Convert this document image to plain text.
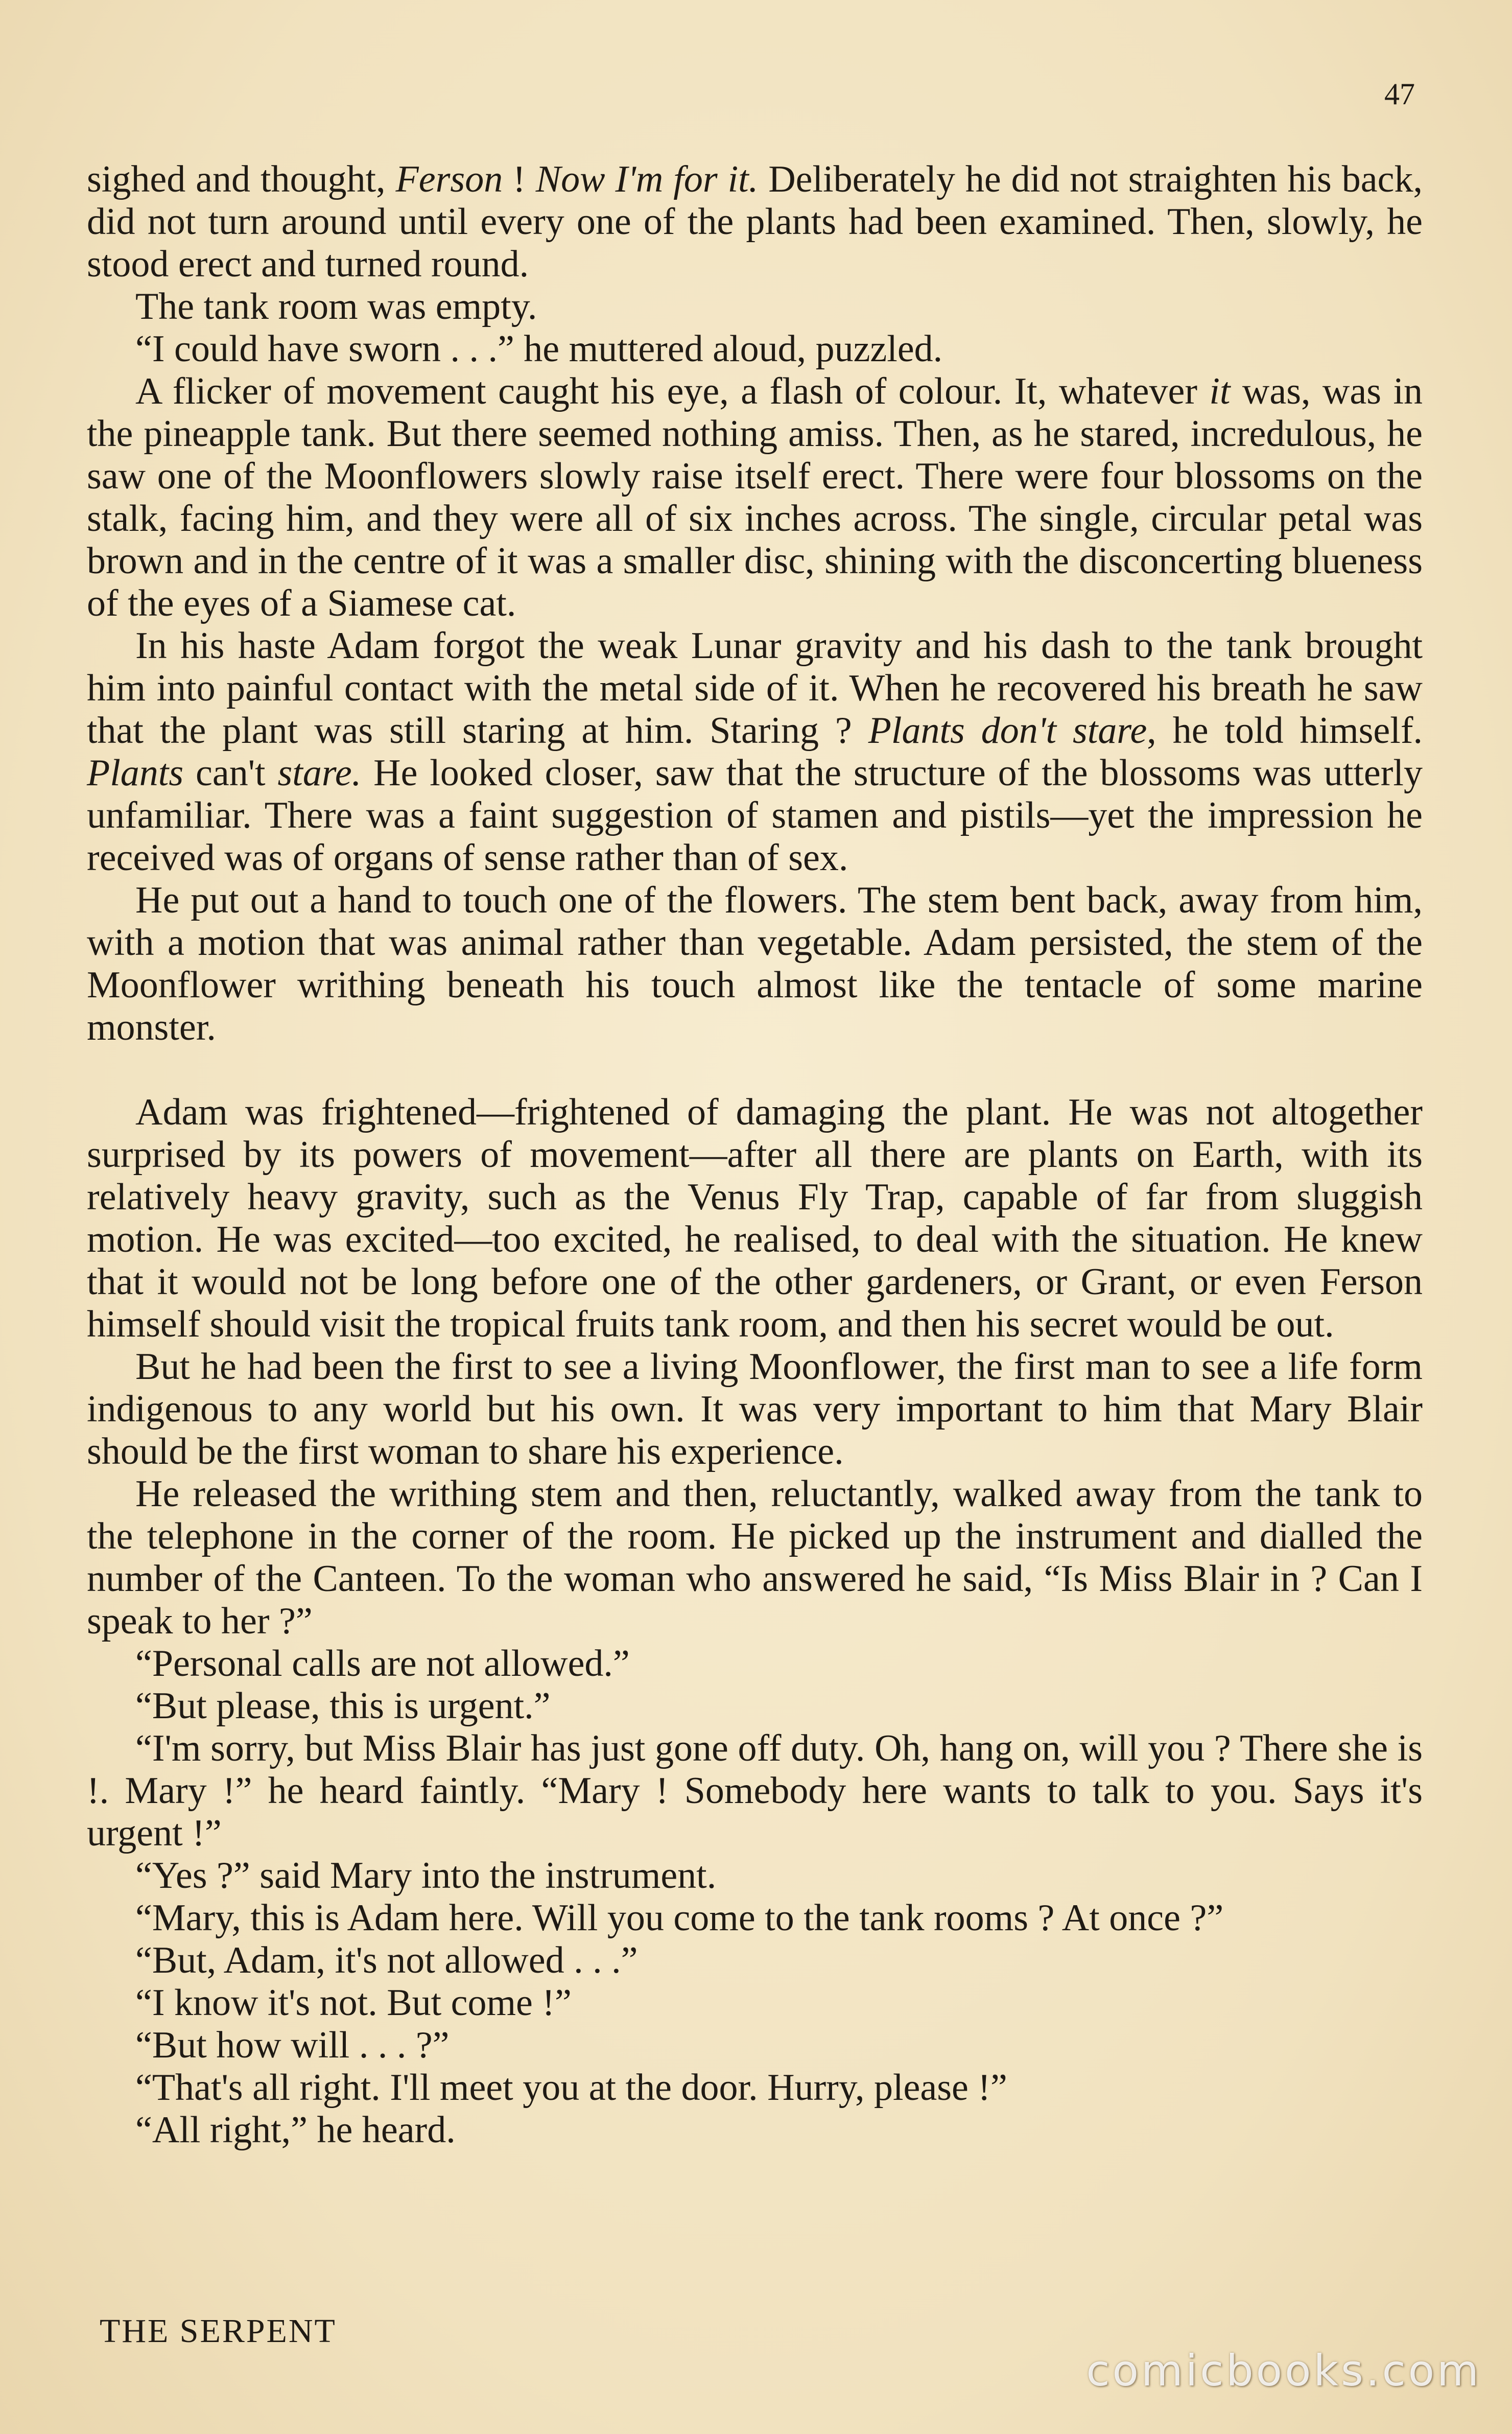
47

sighed and thought, Ferson ! Now I'm for it. Deliberately he did not straighten his back, did not turn around until every one of the plants had been examined. Then, slowly, he stood erect and turned round.

The tank room was empty.

“I could have sworn . . .” he muttered aloud, puzzled.

A flicker of movement caught his eye, a flash of colour. It, whatever it was, was in the pineapple tank. But there seemed nothing amiss. Then, as he stared, incredulous, he saw one of the Moonflowers slowly raise itself erect. There were four blossoms on the stalk, facing him, and they were all of six inches across. The single, circular petal was brown and in the centre of it was a smaller disc, shining with the disconcerting blueness of the eyes of a Siamese cat.

In his haste Adam forgot the weak Lunar gravity and his dash to the tank brought him into painful contact with the metal side of it. When he recovered his breath he saw that the plant was still staring at him. Staring ? Plants don't stare, he told himself. Plants can't stare. He looked closer, saw that the structure of the blossoms was utterly unfamiliar. There was a faint suggestion of stamen and pistils—yet the impression he received was of organs of sense rather than of sex.

He put out a hand to touch one of the flowers. The stem bent back, away from him, with a motion that was animal rather than vegetable. Adam persisted, the stem of the Moonflower writhing beneath his touch almost like the tentacle of some marine monster.

Adam was frightened—frightened of damaging the plant. He was not altogether surprised by its powers of movement—after all there are plants on Earth, with its relatively heavy gravity, such as the Venus Fly Trap, capable of far from sluggish motion. He was excited—too excited, he realised, to deal with the situation. He knew that it would not be long before one of the other gardeners, or Grant, or even Ferson himself should visit the tropical fruits tank room, and then his secret would be out.

But he had been the first to see a living Moonflower, the first man to see a life form indigenous to any world but his own. It was very important to him that Mary Blair should be the first woman to share his experience.

He released the writhing stem and then, reluctantly, walked away from the tank to the telephone in the corner of the room. He picked up the instrument and dialled the number of the Canteen. To the woman who answered he said, “Is Miss Blair in ? Can I speak to her ?”

“Personal calls are not allowed.”

“But please, this is urgent.”

“I'm sorry, but Miss Blair has just gone off duty. Oh, hang on, will you ? There she is !. Mary !” he heard faintly. “Mary ! Somebody here wants to talk to you. Says it's urgent !”

“Yes ?” said Mary into the instrument.

“Mary, this is Adam here. Will you come to the tank rooms ? At once ?”

“But, Adam, it's not allowed . . .”

“I know it's not. But come !”

“But how will . . . ?”

“That's all right. I'll meet you at the door. Hurry, please !”

“All right,” he heard.

THE SERPENT
comicbooks.com
